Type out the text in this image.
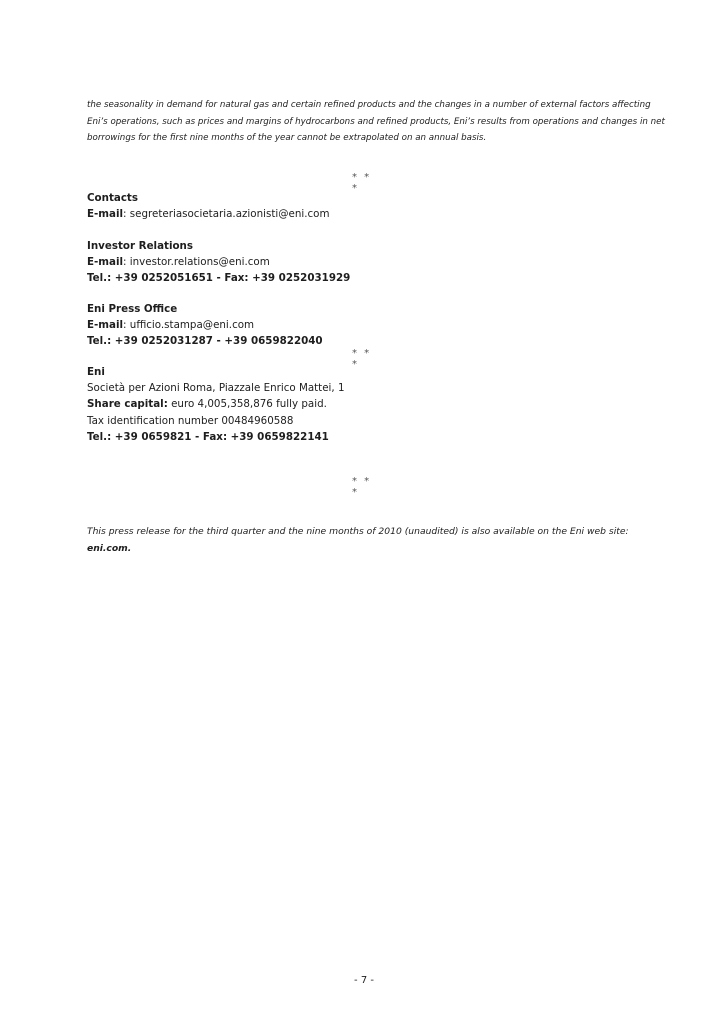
the seasonality in demand for natural gas and certain refined products and the changes in a number of external factors affecting
Eni’s operations, such as prices and margins of hydrocarbons and refined products, Eni’s results from operations and changes in net
borrowings for the first nine months of the year cannot be extrapolated on an annual basis.

* * *

Contacts
E-mail: segreteriasocietaria.azionisti@eni.com
Investor Relations
E-mail: investor.relations@eni.com
Tel.: +39 0252051651 - Fax: +39 0252031929
Eni Press Office
E-mail: ufficio.stampa@eni.com
Tel.: +39 0252031287 - +39 0659822040

* * *

Eni
Società per Azioni Roma, Piazzale Enrico Mattei, 1
Share capital: euro 4,005,358,876 fully paid.
Tax identification number 00484960588
Tel.: +39 0659821 - Fax: +39 0659822141

* * *

This press release for the third quarter and the nine months of 2010 (unaudited) is also available on the Eni web site:
eni.com.

- 7 -
